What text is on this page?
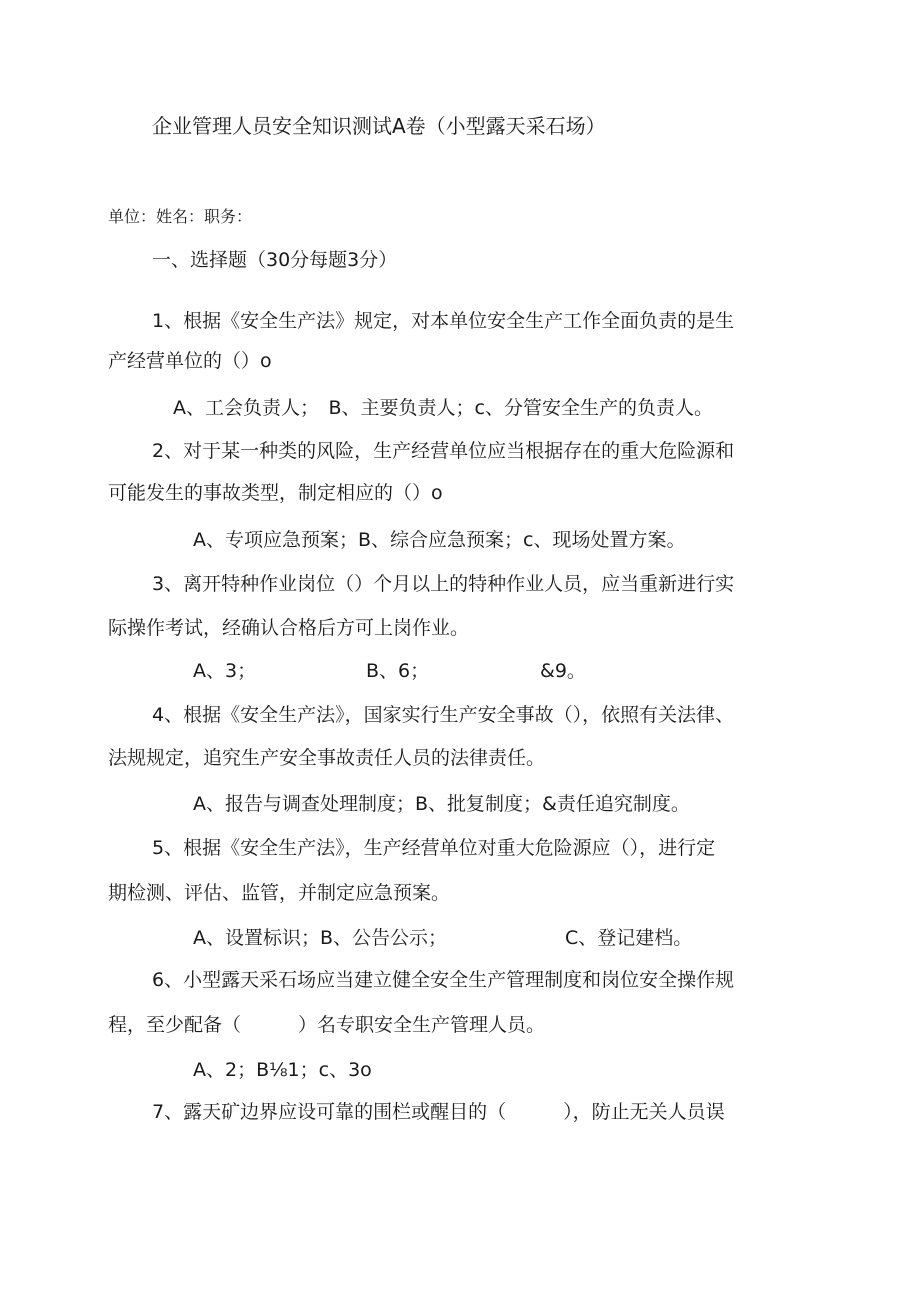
企业管理人员安全知识测试A卷（小型露天采石场）
单位：姓名：职务：
一、选择题（30分每题3分）
1、根据《安全生产法》规定，对本单位安全生产工作全面负责的是生
产经营单位的（）o
A、工会负责人；　B、主要负责人；c、分管安全生产的负责人。
2、对于某一种类的风险，生产经营单位应当根据存在的重大危险源和
可能发生的事故类型，制定相应的（）o
A、专项应急预案；B、综合应急预案；c、现场处置方案。
3、离开特种作业岗位（）个月以上的特种作业人员，应当重新进行实
际操作考试，经确认合格后方可上岗作业。
A、3；	B、6；	&9。
4、根据《安全生产法》，国家实行生产安全事故（），依照有关法律、
法规规定，追究生产安全事故责任人员的法律责任。
A、报告与调查处理制度；B、批复制度；&责任追究制度。
5、根据《安全生产法》，生产经营单位对重大危险源应（），进行定
期检测、评估、监管，并制定应急预案。
A、设置标识；B、公告公示；	C、登记建档。
6、小型露天采石场应当建立健全安全生产管理制度和岗位安全操作规
程，至少配备（　　　）名专职安全生产管理人员。
A、2；B⅛1；c、3o
7、露天矿边界应设可靠的围栏或醒目的（　　　），防止无关人员误
